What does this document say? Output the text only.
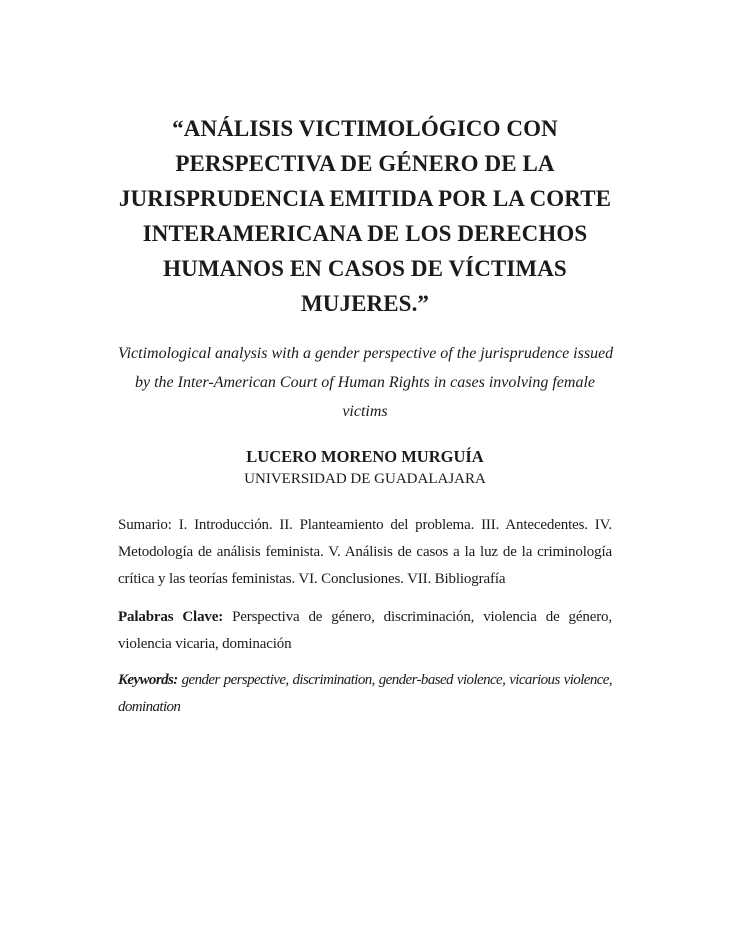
“ANÁLISIS VICTIMOLÓGICO CON
PERSPECTIVA DE GÉNERO DE LA
JURISPRUDENCIA EMITIDA POR LA CORTE
INTERAMERICANA DE LOS DERECHOS
HUMANOS EN CASOS DE VÍCTIMAS
MUJERES.”
Victimological analysis with a gender perspective of the jurisprudence issued
by the Inter-American Court of Human Rights in cases involving female
victims
LUCERO MORENO MURGUÍA
UNIVERSIDAD DE GUADALAJARA

Sumario: I. Introducción. II. Planteamiento del problema. III. Antecedentes. IV. Metodología de análisis feminista. V. Análisis de casos a la luz de la criminología crítica y las teorías feministas. VI. Conclusiones. VII. Bibliografía

Palabras Clave: Perspectiva de género, discriminación, violencia de género, violencia vicaria, dominación

Keywords: gender perspective, discrimination, gender-based violence, vicarious violence, domination
